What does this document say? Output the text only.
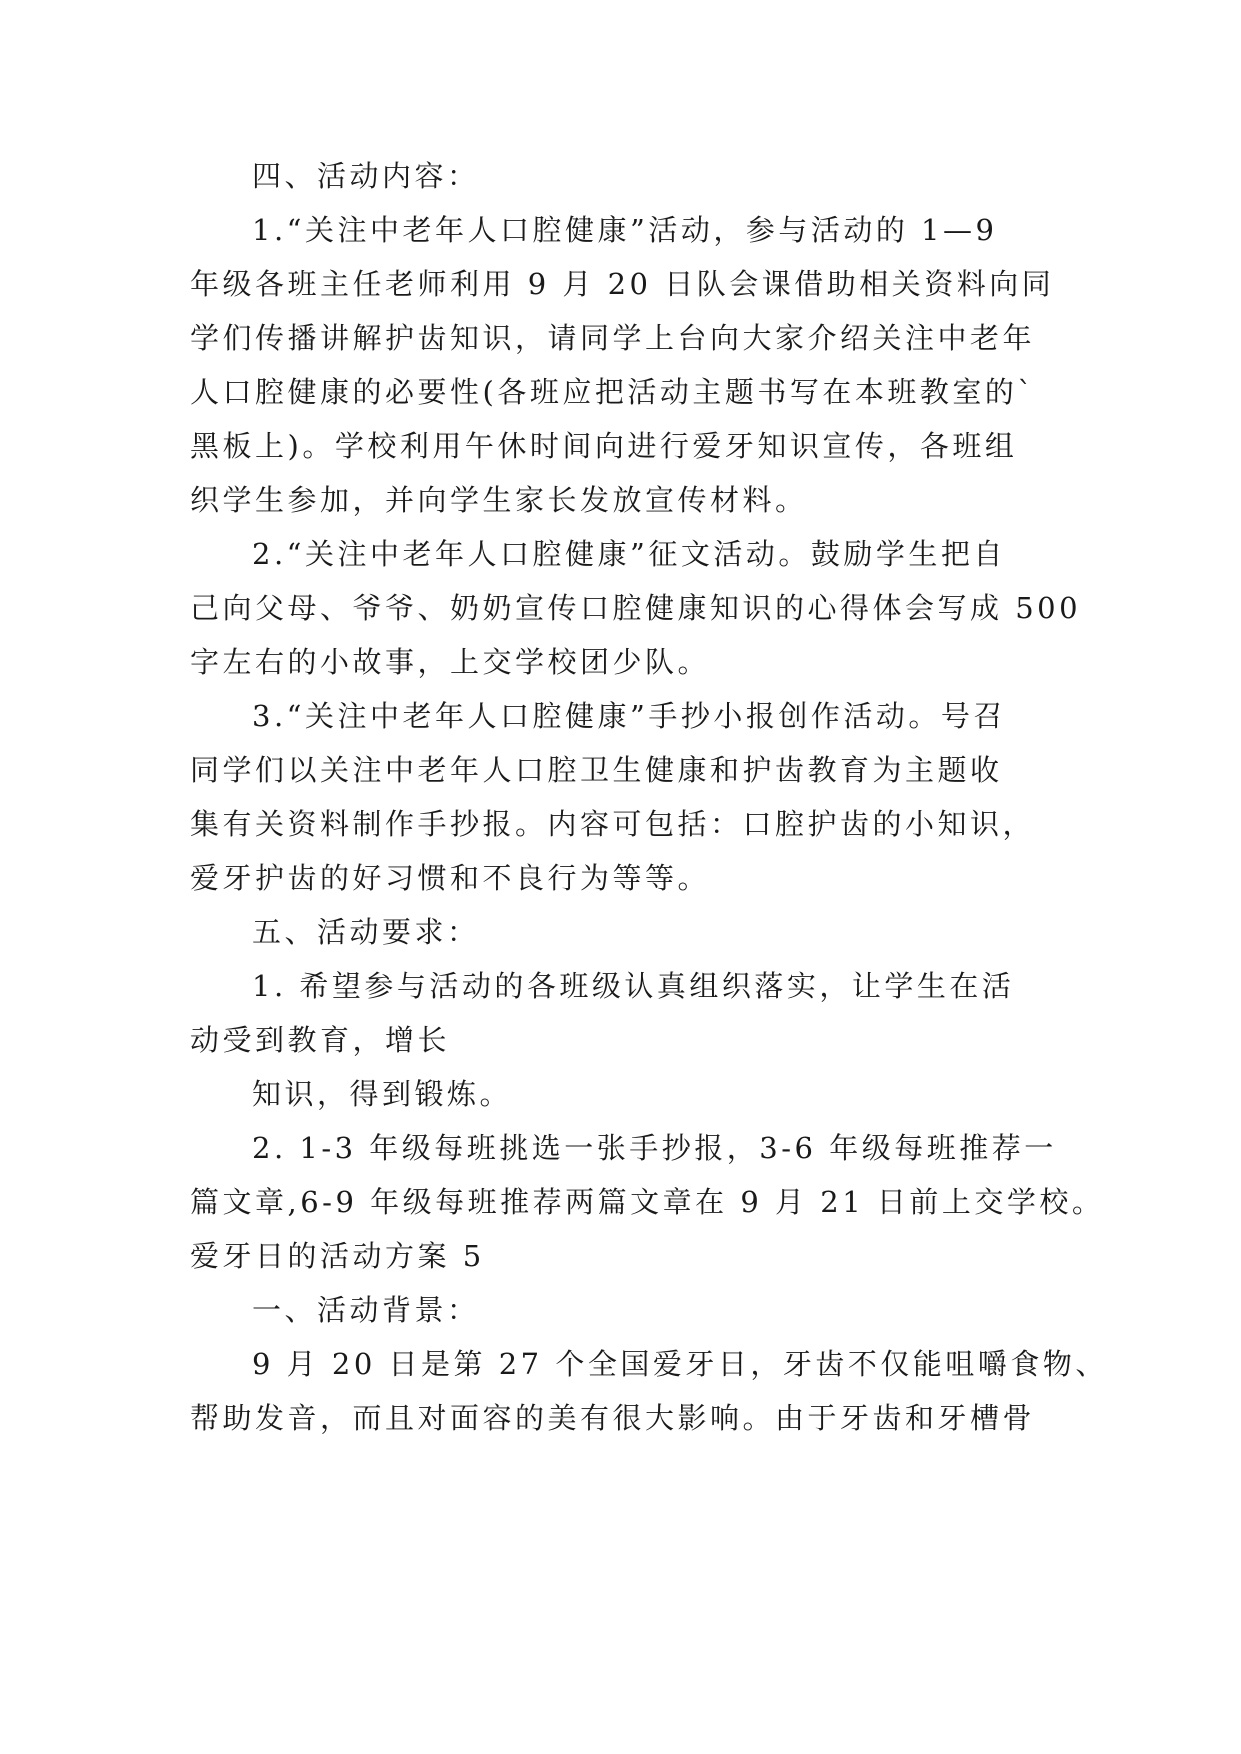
四、活动内容：
1.“关注中老年人口腔健康”活动，参与活动的 1—9
年级各班主任老师利用 9 月 20 日队会课借助相关资料向同
学们传播讲解护齿知识，请同学上台向大家介绍关注中老年
人口腔健康的必要性(各班应把活动主题书写在本班教室的`
黑板上)。学校利用午休时间向进行爱牙知识宣传，各班组
织学生参加，并向学生家长发放宣传材料。
2.“关注中老年人口腔健康”征文活动。鼓励学生把自
己向父母、爷爷、奶奶宣传口腔健康知识的心得体会写成 500
字左右的小故事，上交学校团少队。
3.“关注中老年人口腔健康”手抄小报创作活动。号召
同学们以关注中老年人口腔卫生健康和护齿教育为主题收
集有关资料制作手抄报。内容可包括：口腔护齿的小知识，
爱牙护齿的好习惯和不良行为等等。
五、活动要求：
1. 希望参与活动的各班级认真组织落实，让学生在活
动受到教育，增长
知识，得到锻炼。
2. 1-3 年级每班挑选一张手抄报，3-6 年级每班推荐一
篇文章,6-9 年级每班推荐两篇文章在 9 月 21 日前上交学校。
爱牙日的活动方案 5
一、活动背景：
9 月 20 日是第 27 个全国爱牙日，牙齿不仅能咀嚼食物、
帮助发音，而且对面容的美有很大影响。由于牙齿和牙槽骨
